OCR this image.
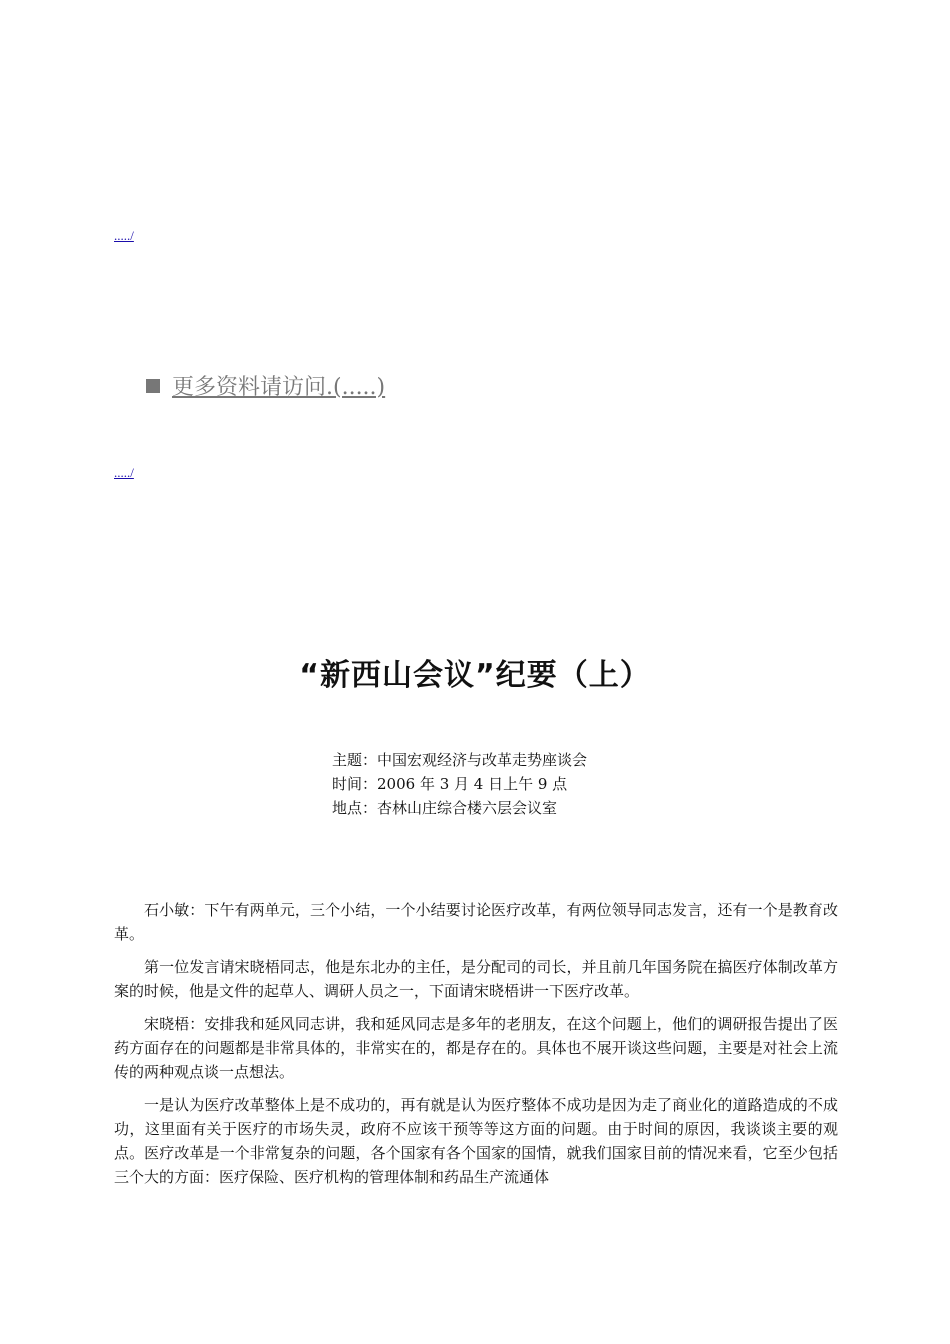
...../
更多资料请访问.(.....)
...../
“新西山会议”纪要（上）
主题：中国宏观经济与改革走势座谈会
时间：2006 年 3 月 4 日上午 9 点
地点：杏林山庄综合楼六层会议室

石小敏：下午有两单元，三个小结，一个小结要讨论医疗改革，有两位领导同志发言，还有一个是教育改革。

第一位发言请宋晓梧同志，他是东北办的主任，是分配司的司长，并且前几年国务院在搞医疗体制改革方案的时候，他是文件的起草人、调研人员之一，下面请宋晓梧讲一下医疗改革。

宋晓梧：安排我和延风同志讲，我和延风同志是多年的老朋友，在这个问题上，他们的调研报告提出了医药方面存在的问题都是非常具体的，非常实在的，都是存在的。具体也不展开谈这些问题，主要是对社会上流传的两种观点谈一点想法。

一是认为医疗改革整体上是不成功的，再有就是认为医疗整体不成功是因为走了商业化的道路造成的不成功，这里面有关于医疗的市场失灵，政府不应该干预等等这方面的问题。由于时间的原因，我谈谈主要的观点。医疗改革是一个非常复杂的问题，各个国家有各个国家的国情，就我们国家目前的情况来看，它至少包括三个大的方面：医疗保险、医疗机构的管理体制和药品生产流通体
